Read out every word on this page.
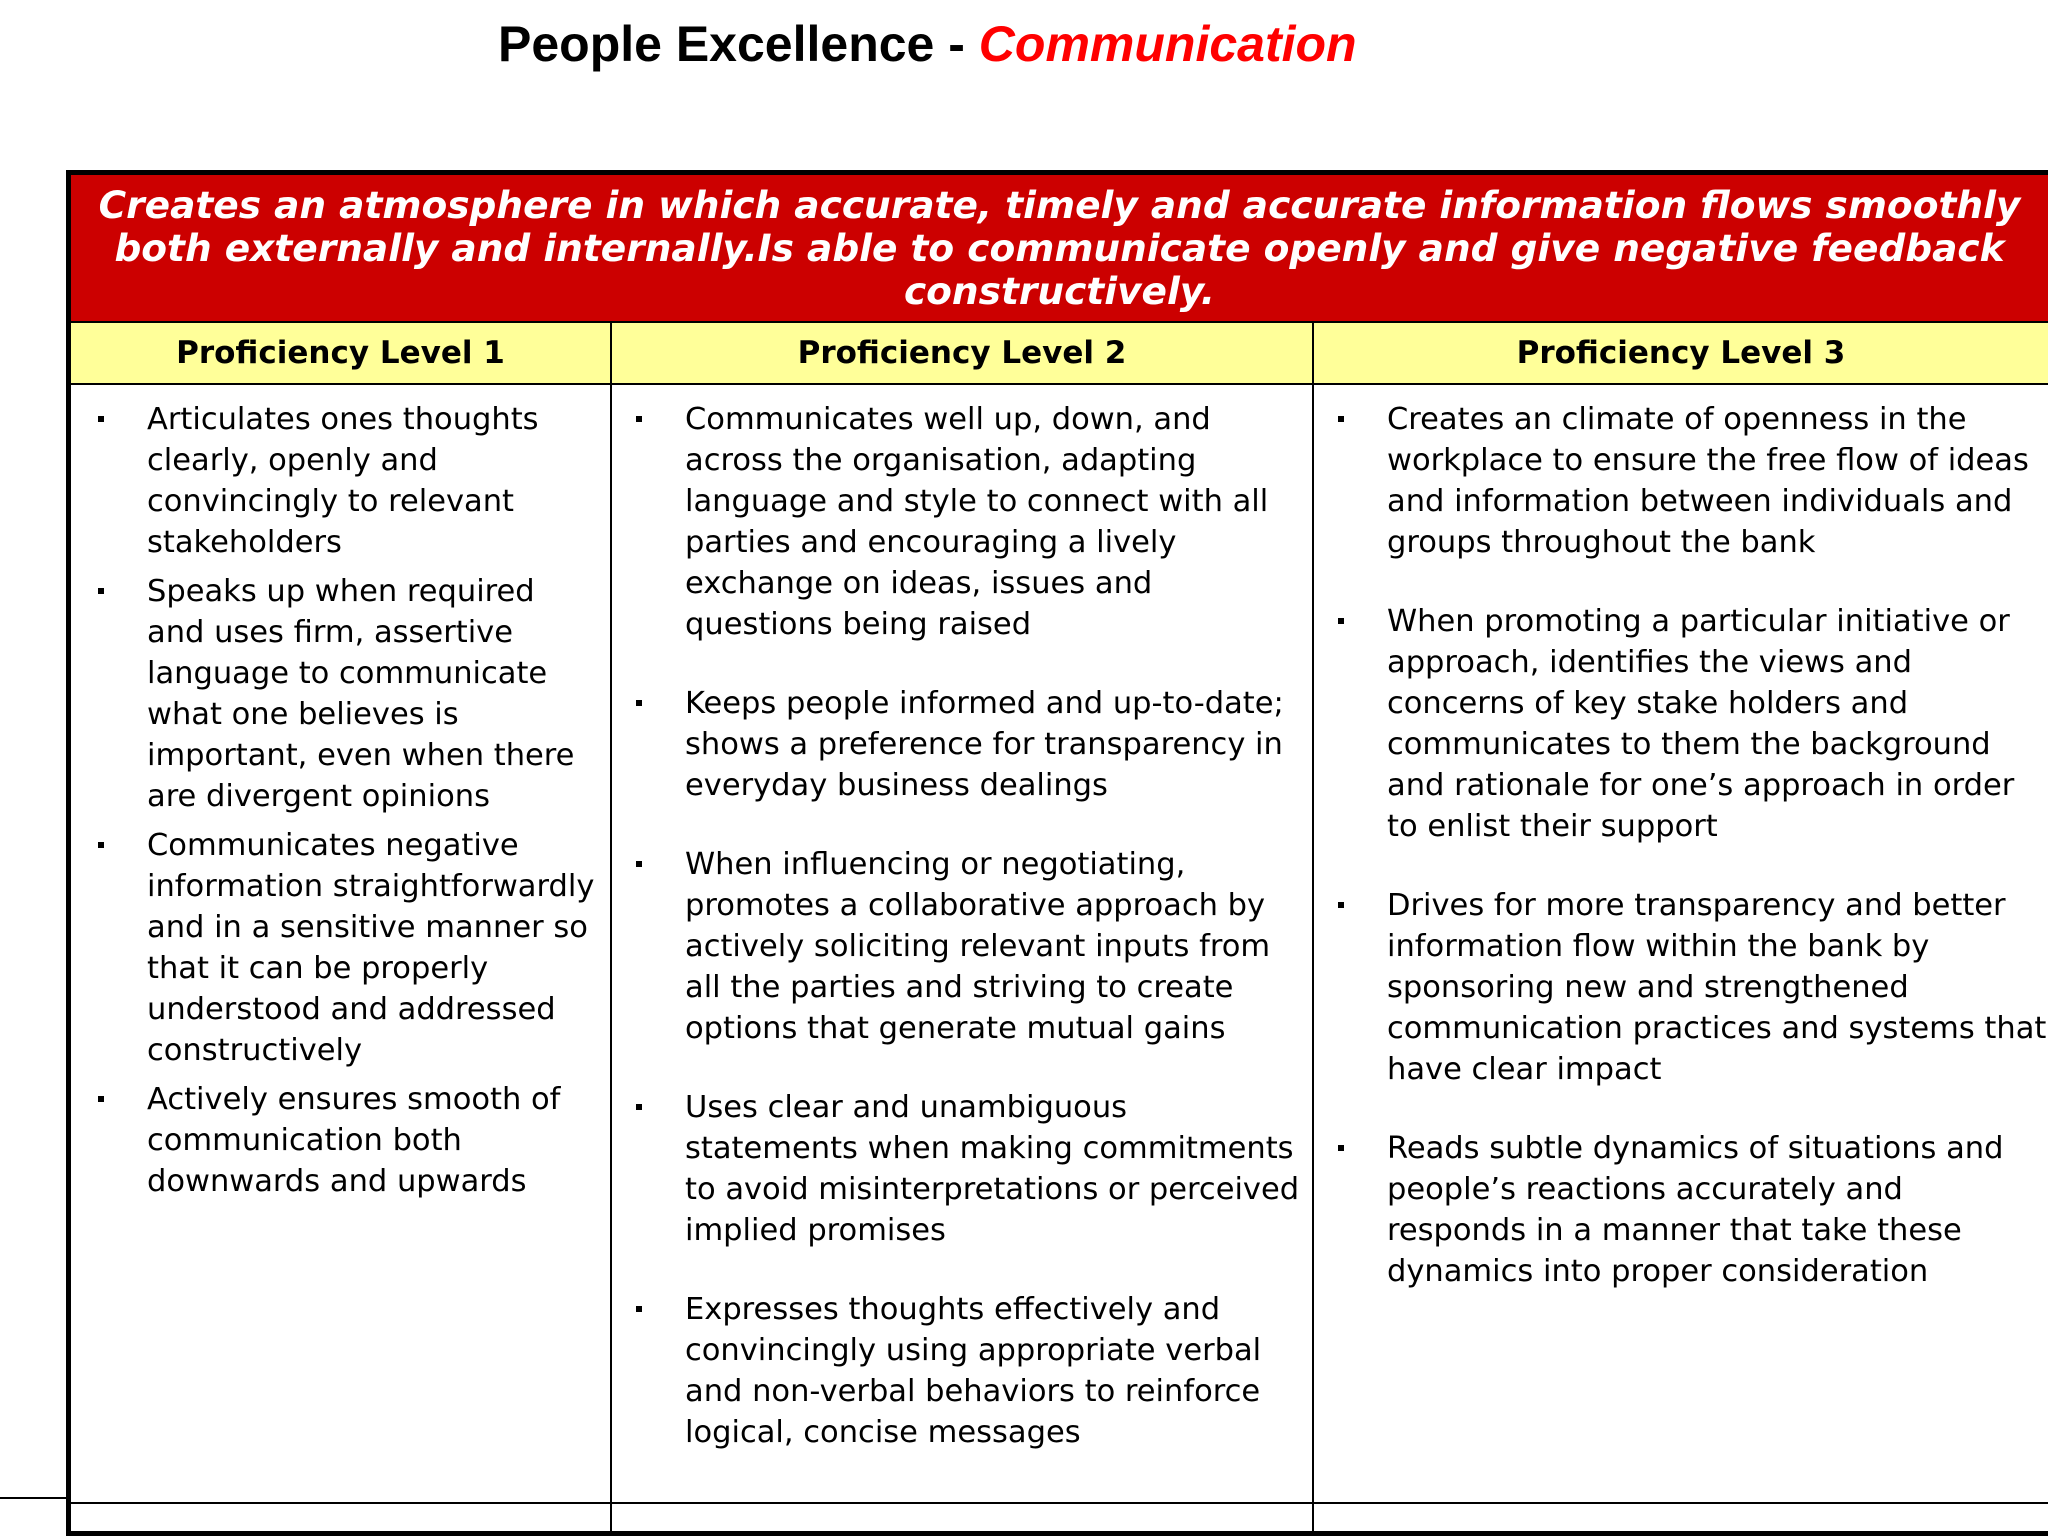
People Excellence - Communication

Creates an atmosphere in which accurate, timely and accurate information flows smoothly both externally and internally.Is able to communicate openly and give negative feedback constructively.

Proficiency Level 1	Proficiency Level 2	Proficiency Level 3
Articulates ones thoughts clearly, openly and convincingly to relevant stakeholders
Speaks up when required and uses firm, assertive language to communicate what one believes is important, even when there are divergent opinions
Communicates negative information straightforwardly and in a sensitive manner so that it can be properly understood and addressed constructively
Actively ensures smooth of communication both downwards and upwards
Communicates well up, down, and across the organisation, adapting language and style to connect with all parties and encouraging a lively exchange on ideas, issues and questions being raised
Keeps people informed and up-to-date; shows a preference for transparency in everyday business dealings
When influencing or negotiating, promotes a collaborative approach by actively soliciting relevant inputs from all the parties and striving to create options that generate mutual gains
Uses clear and unambiguous statements when making commitments to avoid misinterpretations or perceived implied promises
Expresses thoughts effectively and convincingly using appropriate verbal and non-verbal behaviors to reinforce logical, concise messages
Creates an climate of openness in the workplace to ensure the free flow of ideas and information between individuals and groups throughout the bank
When promoting a particular initiative or approach, identifies the views and concerns of key stake holders and communicates to them the background and rationale for one’s approach in order to enlist their support
Drives for more transparency and better information flow within the bank by sponsoring new and strengthened communication practices and systems that have clear impact
Reads subtle dynamics of situations and people’s reactions accurately and responds in a manner that take these dynamics into proper consideration
